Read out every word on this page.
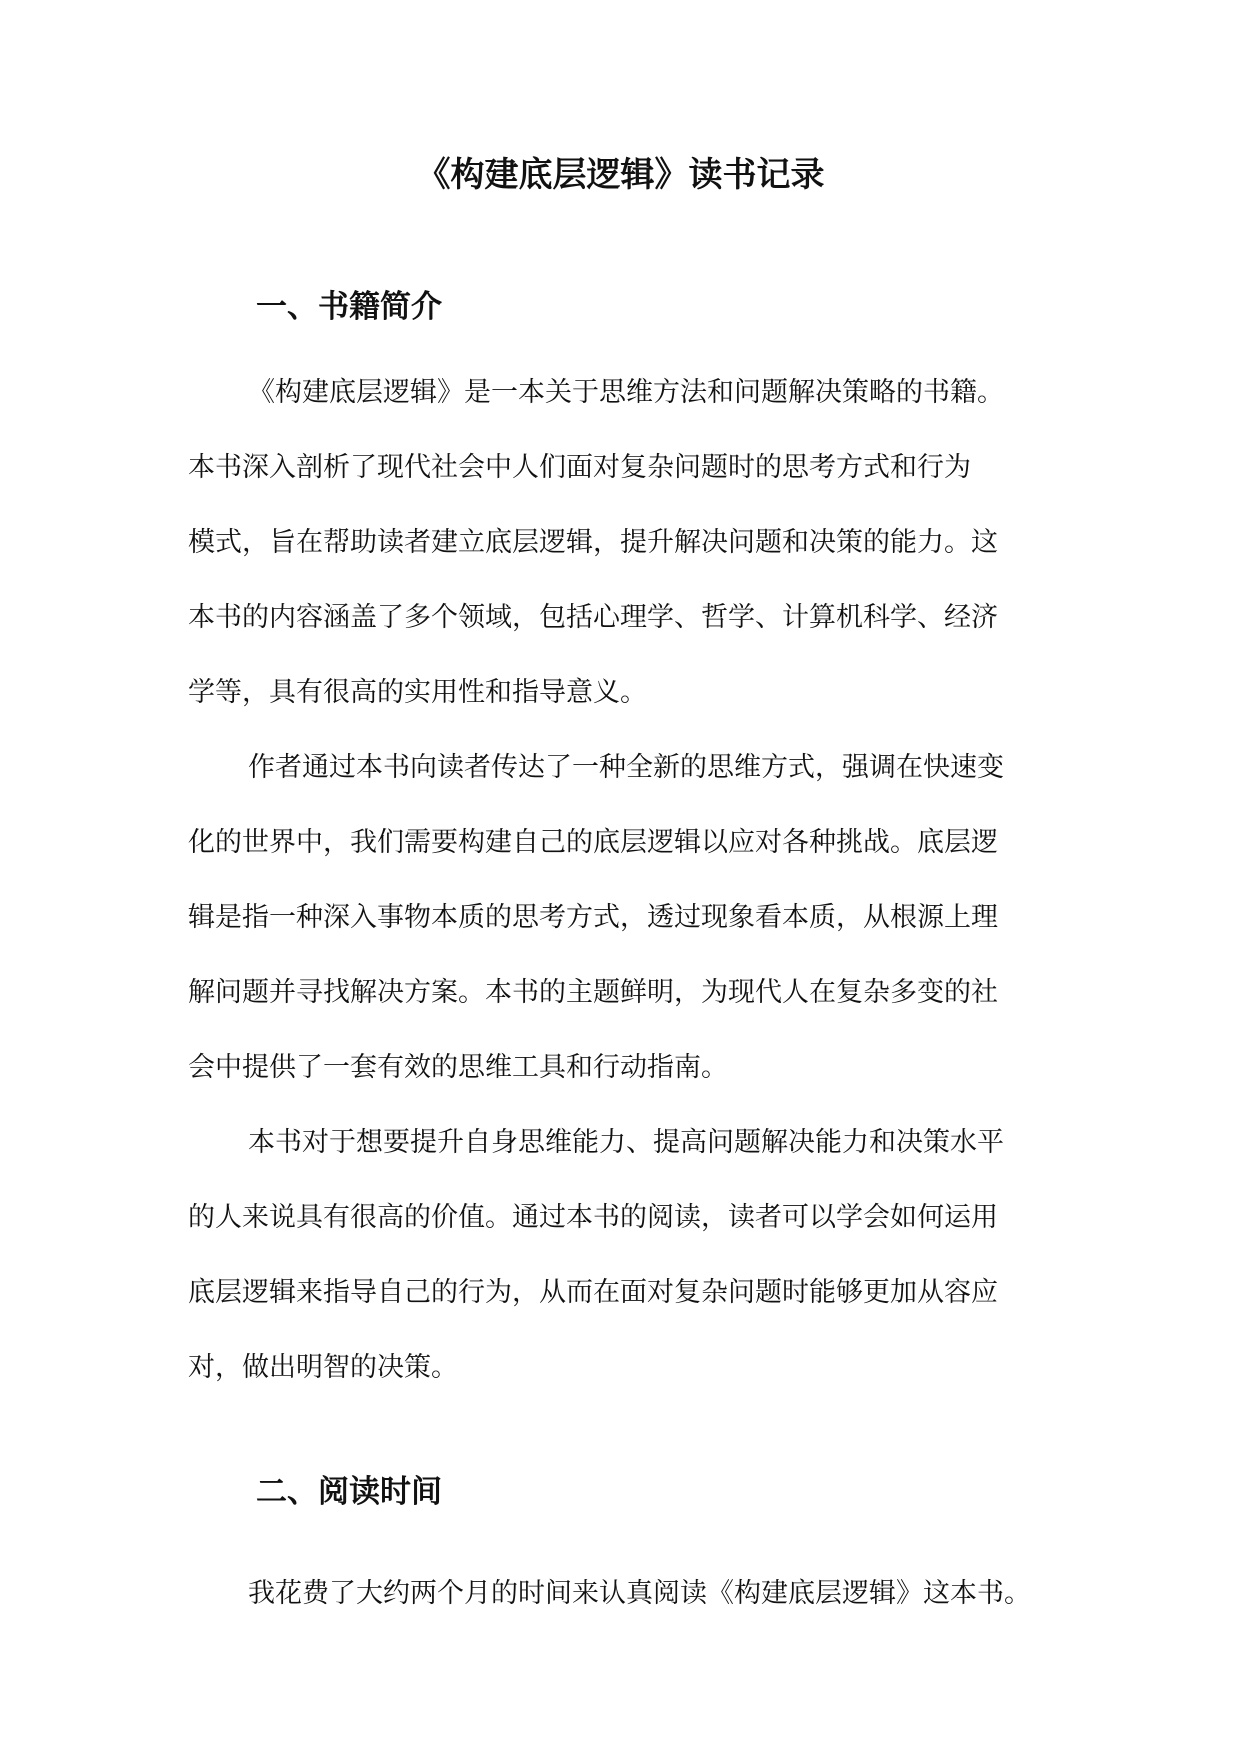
《构建底层逻辑》读书记录
一、书籍简介

《构建底层逻辑》是一本关于思维方法和问题解决策略的书籍。
本书深入剖析了现代社会中人们面对复杂问题时的思考方式和行为
模式，旨在帮助读者建立底层逻辑，提升解决问题和决策的能力。这
本书的内容涵盖了多个领域，包括心理学、哲学、计算机科学、经济
学等，具有很高的实用性和指导意义。

作者通过本书向读者传达了一种全新的思维方式，强调在快速变
化的世界中，我们需要构建自己的底层逻辑以应对各种挑战。底层逻
辑是指一种深入事物本质的思考方式，透过现象看本质，从根源上理
解问题并寻找解决方案。本书的主题鲜明，为现代人在复杂多变的社
会中提供了一套有效的思维工具和行动指南。

本书对于想要提升自身思维能力、提高问题解决能力和决策水平
的人来说具有很高的价值。通过本书的阅读，读者可以学会如何运用
底层逻辑来指导自己的行为，从而在面对复杂问题时能够更加从容应
对，做出明智的决策。

二、阅读时间

我花费了大约两个月的时间来认真阅读《构建底层逻辑》这本书。
